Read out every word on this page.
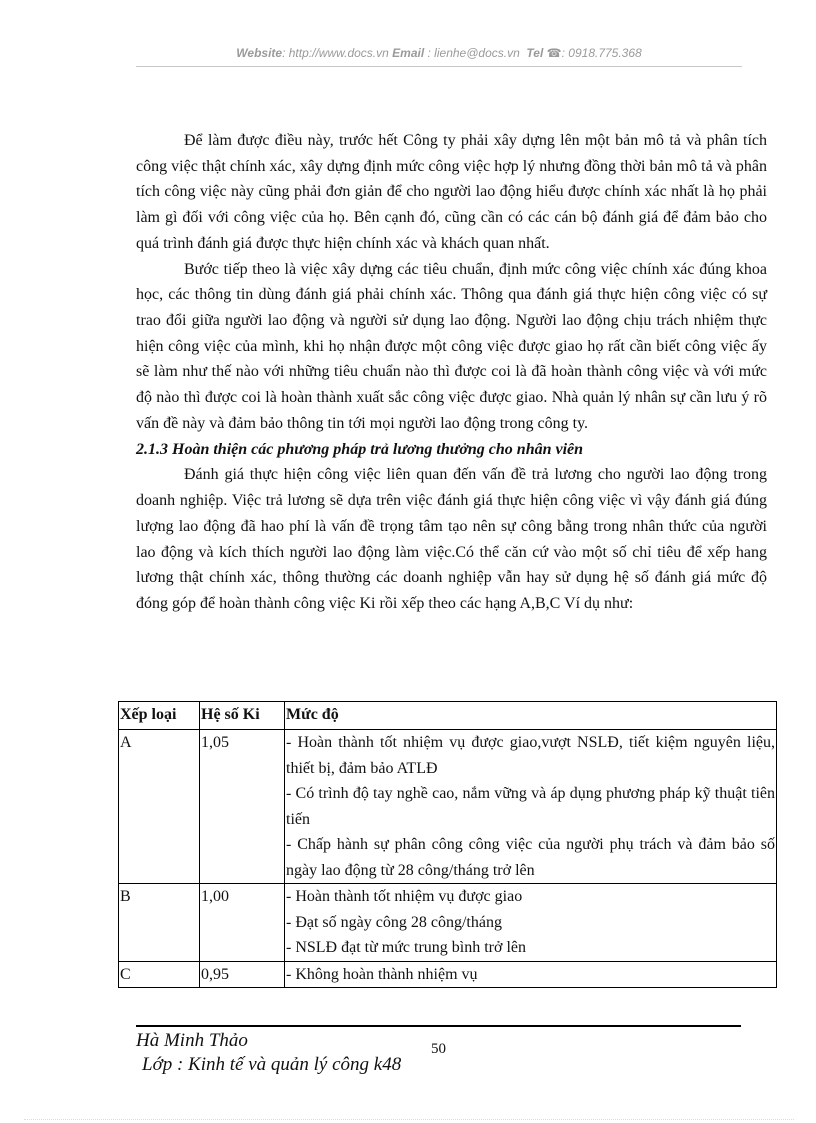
Website: http://www.docs.vn Email : lienhe@docs.vn Tel ☎: 0918.775.368

Để làm được điều này, trước hết Công ty phải xây dựng lên một bản mô tả và phân tích công việc thật chính xác, xây dựng định mức công việc hợp lý nhưng đồng thời bản mô tả và phân tích công việc này cũng phải đơn giản để cho người lao động hiểu được chính xác nhất là họ phải làm gì đối với công việc của họ. Bên cạnh đó, cũng cần có các cán bộ đánh giá để đảm bảo cho quá trình đánh giá được thực hiện chính xác và khách quan nhất.

Bước tiếp theo là việc xây dựng các tiêu chuẩn, định mức công việc chính xác đúng khoa học, các thông tin dùng đánh giá phải chính xác. Thông qua đánh giá thực hiện công việc có sự trao đổi giữa người lao động và người sử dụng lao động. Người lao động chịu trách nhiệm thực hiện công việc của mình, khi họ nhận được một công việc được giao họ rất cần biết công việc ấy sẽ làm như thế nào với những tiêu chuẩn nào thì được coi là đã hoàn thành công việc và với mức độ nào thì được coi là hoàn thành xuất sắc công việc được giao. Nhà quản lý nhân sự cần lưu ý rõ vấn đề này và đảm bảo thông tin tới mọi người lao động trong công ty.

2.1.3 Hoàn thiện các phương pháp trả lương thưởng cho nhân viên

Đánh giá thực hiện công việc liên quan đến vấn đề trả lương cho người lao động trong doanh nghiệp. Việc trả lương sẽ dựa trên việc đánh giá thực hiện công việc vì vậy đánh giá đúng lượng lao động đã hao phí là vấn đề trọng tâm tạo nên sự công bằng trong nhân thức của người lao động và kích thích người lao động làm việc.Có thể căn cứ vào một số chỉ tiêu để xếp hang lương thật chính xác, thông thường các doanh nghiệp vẫn hay sử dụng hệ số đánh giá mức độ đóng góp để hoàn thành công việc Ki rồi xếp theo các hạng A,B,C Ví dụ như:

Xếp loại	Hệ số Ki	Mức độ
A	1,05	- Hoàn thành tốt nhiệm vụ được giao,vượt NSLĐ, tiết kiệm nguyên liệu, thiết bị, đảm bảo ATLĐ
- Có trình độ tay nghề cao, nắm vững và áp dụng phương pháp kỹ thuật tiên tiến
- Chấp hành sự phân công công việc của người phụ trách và đảm bảo số ngày lao động từ 28 công/tháng trở lên

B	1,00	- Hoàn thành tốt nhiệm vụ được giao
- Đạt số ngày công 28 công/tháng
- NSLĐ đạt từ mức trung bình trở lên

C	0,95	- Không hoàn thành nhiệm vụ
Hà Minh Thảo
Lớp : Kinh tế và quản lý công k48
50
